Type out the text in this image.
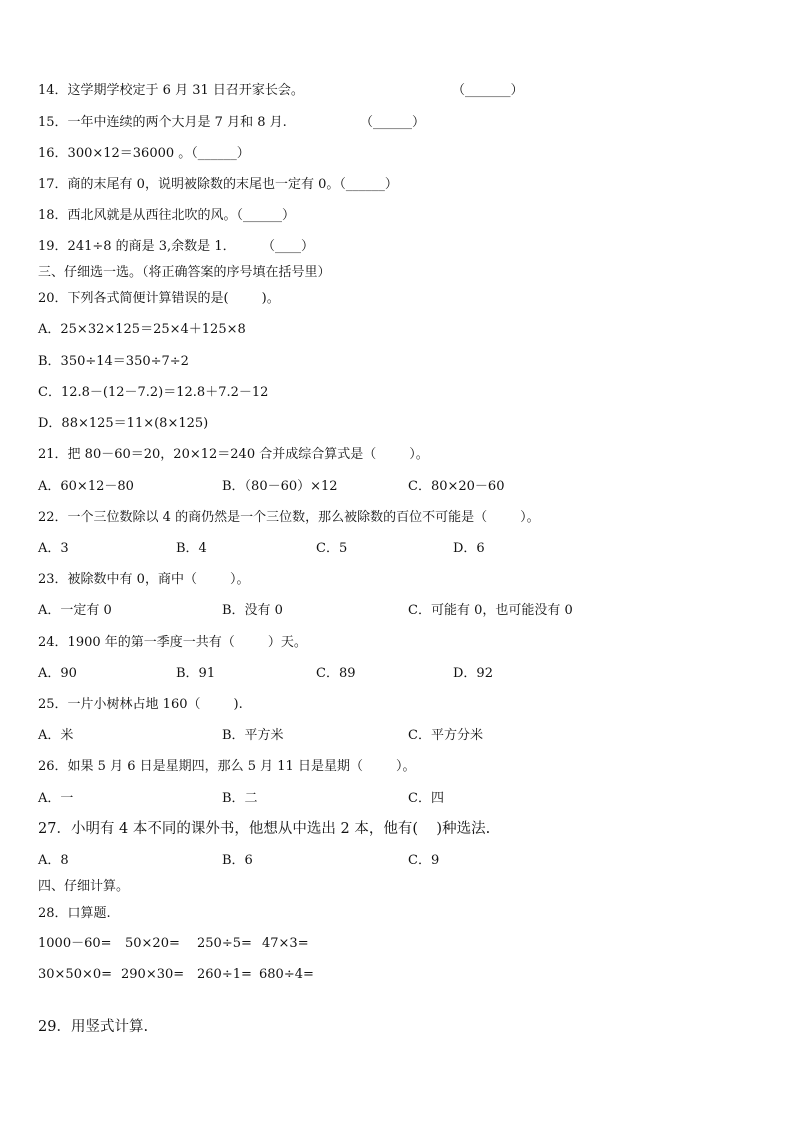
14．这学期学校定于 6 月 31 日召开家长会。	（_______）
15．一年中连续的两个大月是 7 月和 8 月.	（______）
16．300×12＝36000 。（______）
17．商的末尾有 0，说明被除数的末尾也一定有 0。（______）
18．西北风就是从西往北吹的风。（______）
19．241÷8 的商是 3,余数是 1． （____）
三、仔细选一选。（将正确答案的序号填在括号里）
20．下列各式简便计算错误的是(        )。
A．25×32×125＝25×4＋125×8
B．350÷14＝350÷7÷2
C．12.8－(12－7.2)＝12.8＋7.2－12
D．88×125＝11×(8×125)
21．把 80－60＝20，20×12＝240 合并成综合算式是（        ）。
A．60×12－80	B．（80－60）×12	C．80×20－60
22．一个三位数除以 4 的商仍然是一个三位数，那么被除数的百位不可能是（        ）。
A．3	B．4	C．5	D．6
23．被除数中有 0，商中（        ）。
A．一定有 0	B．没有 0	C．可能有 0，也可能没有 0
24．1900 年的第一季度一共有（        ）天。
A．90	B．91	C．89	D．92
25．一片小树林占地 160（        ).
A．米	B．平方米	C．平方分米
26．如果 5 月 6 日是星期四，那么 5 月 11 日是星期（        ）。
A．一	B．二	C．四
27．小明有 4 本不同的课外书，他想从中选出 2 本，他有(    )种选法.
A．8	B．6	C．9
四、仔细计算。
28．口算题.
1000－60= 50×20= 250÷5= 47×3=
30×50×0= 290×30= 260÷1= 680÷4=
29．用竖式计算.
